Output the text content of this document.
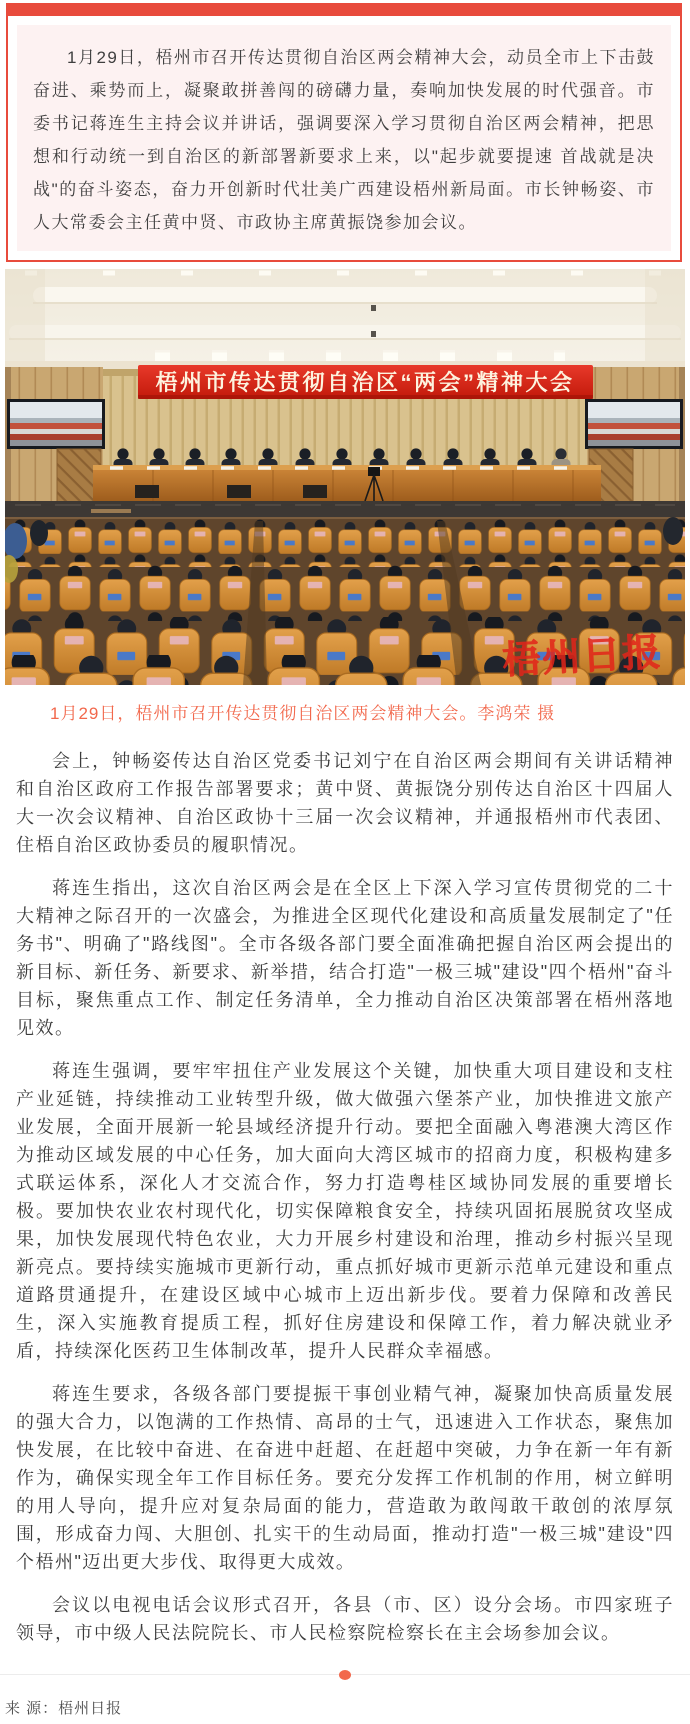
1月29日，梧州市召开传达贯彻自治区两会精神大会，动员全市上下击鼓奋进、乘势而上，凝聚敢拼善闯的磅礴力量，奏响加快发展的时代强音。市委书记蒋连生主持会议并讲话，强调要深入学习贯彻自治区两会精神，把思想和行动统一到自治区的新部署新要求上来，以"起步就要提速 首战就是决战"的奋斗姿态，奋力开创新时代壮美广西建设梧州新局面。市长钟畅姿、市人大常委会主任黄中贤、市政协主席黄振饶参加会议。

梧州市传达贯彻自治区“两会”精神大会
梧州日报

1月29日，梧州市召开传达贯彻自治区两会精神大会。李鸿荣 摄

会上，钟畅姿传达自治区党委书记刘宁在自治区两会期间有关讲话精神和自治区政府工作报告部署要求；黄中贤、黄振饶分别传达自治区十四届人大一次会议精神、自治区政协十三届一次会议精神，并通报梧州市代表团、住梧自治区政协委员的履职情况。

蒋连生指出，这次自治区两会是在全区上下深入学习宣传贯彻党的二十大精神之际召开的一次盛会，为推进全区现代化建设和高质量发展制定了"任务书"、明确了"路线图"。全市各级各部门要全面准确把握自治区两会提出的新目标、新任务、新要求、新举措，结合打造"一极三城"建设"四个梧州"奋斗目标，聚焦重点工作、制定任务清单，全力推动自治区决策部署在梧州落地见效。

蒋连生强调，要牢牢扭住产业发展这个关键，加快重大项目建设和支柱产业延链，持续推动工业转型升级，做大做强六堡茶产业，加快推进文旅产业发展，全面开展新一轮县域经济提升行动。要把全面融入粤港澳大湾区作为推动区域发展的中心任务，加大面向大湾区城市的招商力度，积极构建多式联运体系，深化人才交流合作，努力打造粤桂区域协同发展的重要增长极。要加快农业农村现代化，切实保障粮食安全，持续巩固拓展脱贫攻坚成果，加快发展现代特色农业，大力开展乡村建设和治理，推动乡村振兴呈现新亮点。要持续实施城市更新行动，重点抓好城市更新示范单元建设和重点道路贯通提升，在建设区域中心城市上迈出新步伐。要着力保障和改善民生，深入实施教育提质工程，抓好住房建设和保障工作，着力解决就业矛盾，持续深化医药卫生体制改革，提升人民群众幸福感。

蒋连生要求，各级各部门要提振干事创业精气神，凝聚加快高质量发展的强大合力，以饱满的工作热情、高昂的士气，迅速进入工作状态，聚焦加快发展，在比较中奋进、在奋进中赶超、在赶超中突破，力争在新一年有新作为，确保实现全年工作目标任务。要充分发挥工作机制的作用，树立鲜明的用人导向，提升应对复杂局面的能力，营造敢为敢闯敢干敢创的浓厚氛围，形成奋力闯、大胆创、扎实干的生动局面，推动打造"一极三城"建设"四个梧州"迈出更大步伐、取得更大成效。

会议以电视电话会议形式召开，各县（市、区）设分会场。市四家班子领导，市中级人民法院院长、市人民检察院检察长在主会场参加会议。

来 源：梧州日报
